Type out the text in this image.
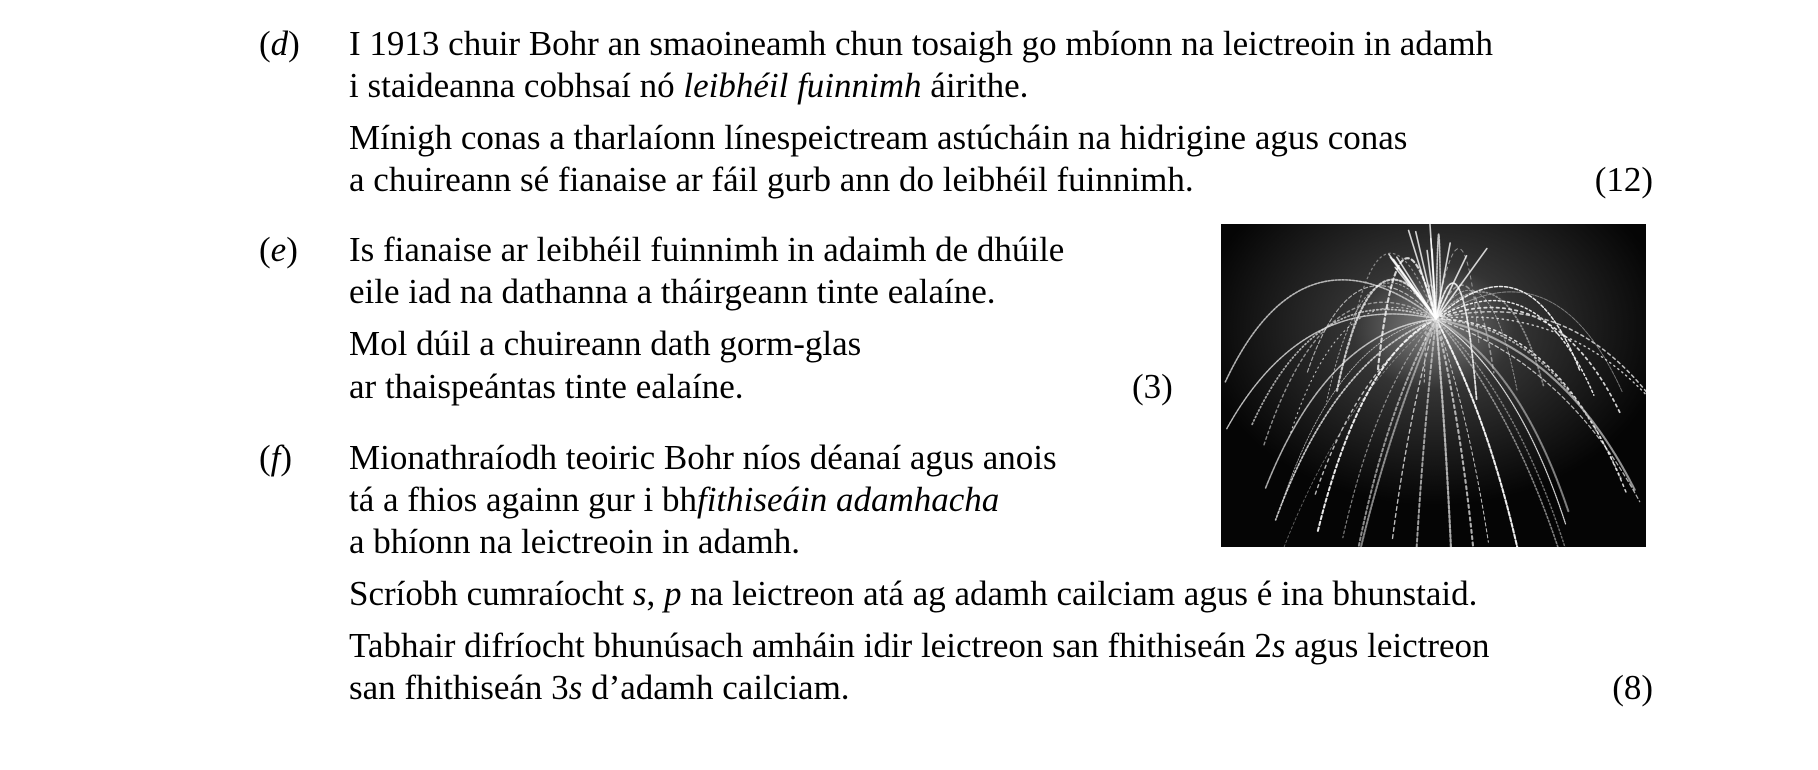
(d) I 1913 chuir Bohr an smaoineamh chun tosaigh go mbíonn na leictreoin in adamh
i staideanna cobhsaí nó leibhéil fuinnimh áirithe.
Mínigh conas a tharlaíonn línespeictream astúcháin na hidrigine agus conas
a chuireann sé fianaise ar fáil gurb ann do leibhéil fuinnimh.	(12)
(e) Is fianaise ar leibhéil fuinnimh in adaimh de dhúile
eile iad na dathanna a tháirgeann tinte ealaíne.
Mol dúil a chuireann dath gorm-glas
ar thaispeántas tinte ealaíne.	(3)
(f) Mionathraíodh teoiric Bohr níos déanaí agus anois
tá a fhios againn gur i bhfithiseáin adamhacha
a bhíonn na leictreoin in adamh.
Scríobh cumraíocht s, p na leictreon atá ag adamh cailciam agus é ina bhunstaid.
Tabhair difríocht bhunúsach amháin idir leictreon san fhithiseán 2s agus leictreon
san fhithiseán 3s d’adamh cailciam.	(8)
